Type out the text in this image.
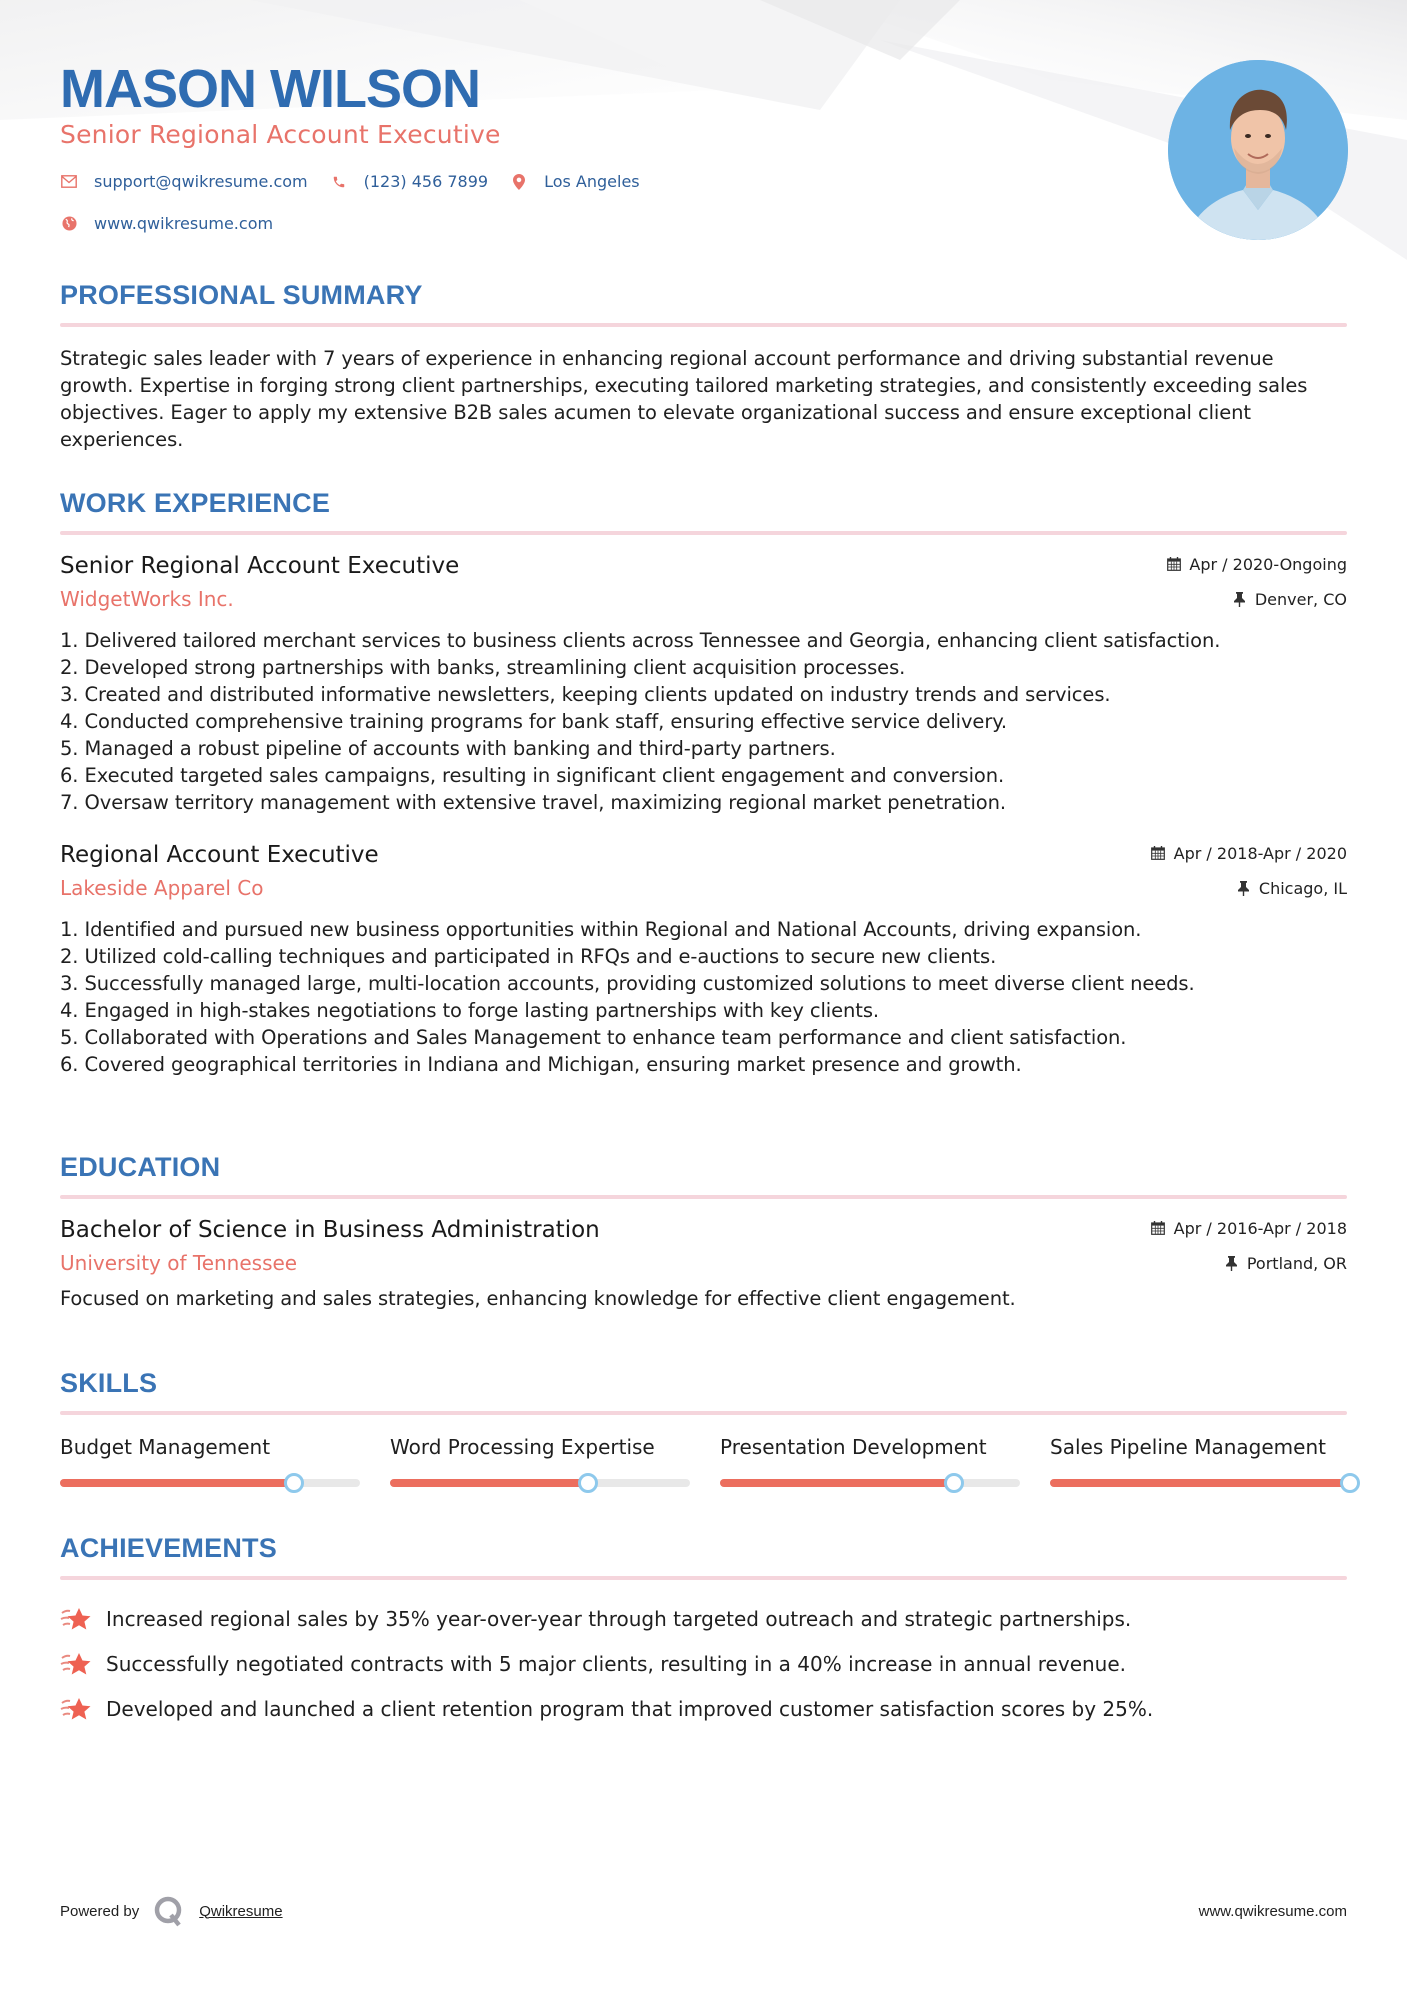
MASON WILSON
Senior Regional Account Executive
support@qwikresume.com	(123) 456 7899	Los Angeles
www.qwikresume.com
PROFESSIONAL SUMMARY
Strategic sales leader with 7 years of experience in enhancing regional account performance and driving substantial revenue growth. Expertise in forging strong client partnerships, executing tailored marketing strategies, and consistently exceeding sales objectives. Eager to apply my extensive B2B sales acumen to elevate organizational success and ensure exceptional client experiences.
WORK EXPERIENCE
Senior Regional Account Executive	Apr / 2020-Ongoing
WidgetWorks Inc.	Denver, CO
1. Delivered tailored merchant services to business clients across Tennessee and Georgia, enhancing client satisfaction.
2. Developed strong partnerships with banks, streamlining client acquisition processes.
3. Created and distributed informative newsletters, keeping clients updated on industry trends and services.
4. Conducted comprehensive training programs for bank staff, ensuring effective service delivery.
5. Managed a robust pipeline of accounts with banking and third-party partners.
6. Executed targeted sales campaigns, resulting in significant client engagement and conversion.
7. Oversaw territory management with extensive travel, maximizing regional market penetration.
Regional Account Executive	Apr / 2018-Apr / 2020
Lakeside Apparel Co	Chicago, IL
1. Identified and pursued new business opportunities within Regional and National Accounts, driving expansion.
2. Utilized cold-calling techniques and participated in RFQs and e-auctions to secure new clients.
3. Successfully managed large, multi-location accounts, providing customized solutions to meet diverse client needs.
4. Engaged in high-stakes negotiations to forge lasting partnerships with key clients.
5. Collaborated with Operations and Sales Management to enhance team performance and client satisfaction.
6. Covered geographical territories in Indiana and Michigan, ensuring market presence and growth.
EDUCATION
Bachelor of Science in Business Administration	Apr / 2016-Apr / 2018
University of Tennessee	Portland, OR
Focused on marketing and sales strategies, enhancing knowledge for effective client engagement.
SKILLS
Budget Management	Word Processing Expertise	Presentation Development	Sales Pipeline Management
ACHIEVEMENTS
Increased regional sales by 35% year-over-year through targeted outreach and strategic partnerships.
Successfully negotiated contracts with 5 major clients, resulting in a 40% increase in annual revenue.
Developed and launched a client retention program that improved customer satisfaction scores by 25%.
Powered by	Qwikresume	www.qwikresume.com
